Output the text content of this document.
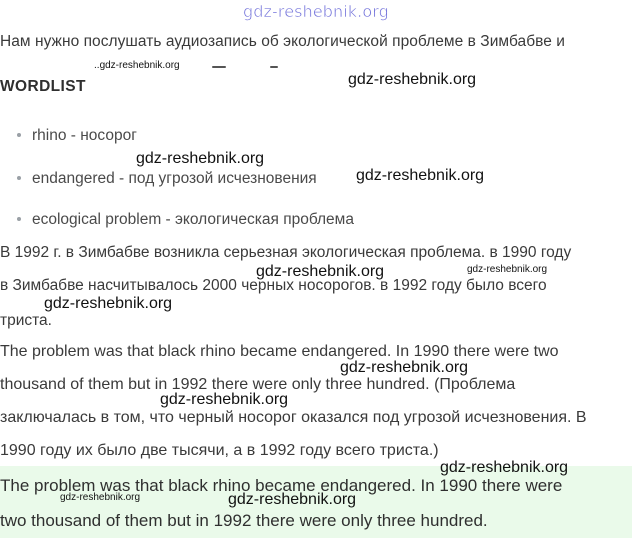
gdz-reshebnik.org
Нам нужно послушать аудиозапись об экологической проблеме в Зимбабве и
WORDLIST
rhino - носорог
endangered - под угрозой исчезновения
ecological problem - экологическая проблема
В 1992 г. в Зимбабве возникла серьезная экологическая проблема. в 1990 году
в Зимбабве насчитывалось 2000 черных носорогов. в 1992 году было всего
триста.
The problem was that black rhino became endangered. In 1990 there were two
thousand of them but in 1992 there were only three hundred. (Проблема
заключалась в том, что черный носорог оказался под угрозой исчезновения. В
1990 году их было две тысячи, а в 1992 году всего триста.)
The problem was that black rhino became endangered. In 1990 there were
two thousand of them but in 1992 there were only three hundred.
..gdz-reshebnik.org
gdz-reshebnik.org
gdz-reshebnik.org
gdz-reshebnik.org
gdz-reshebnik.org	gdz-reshebnik.org
gdz-reshebnik.org
gdz-reshebnik.org
gdz-reshebnik.org
gdz-reshebnik.org
gdz-reshebnik.org	gdz-reshebnik.org
